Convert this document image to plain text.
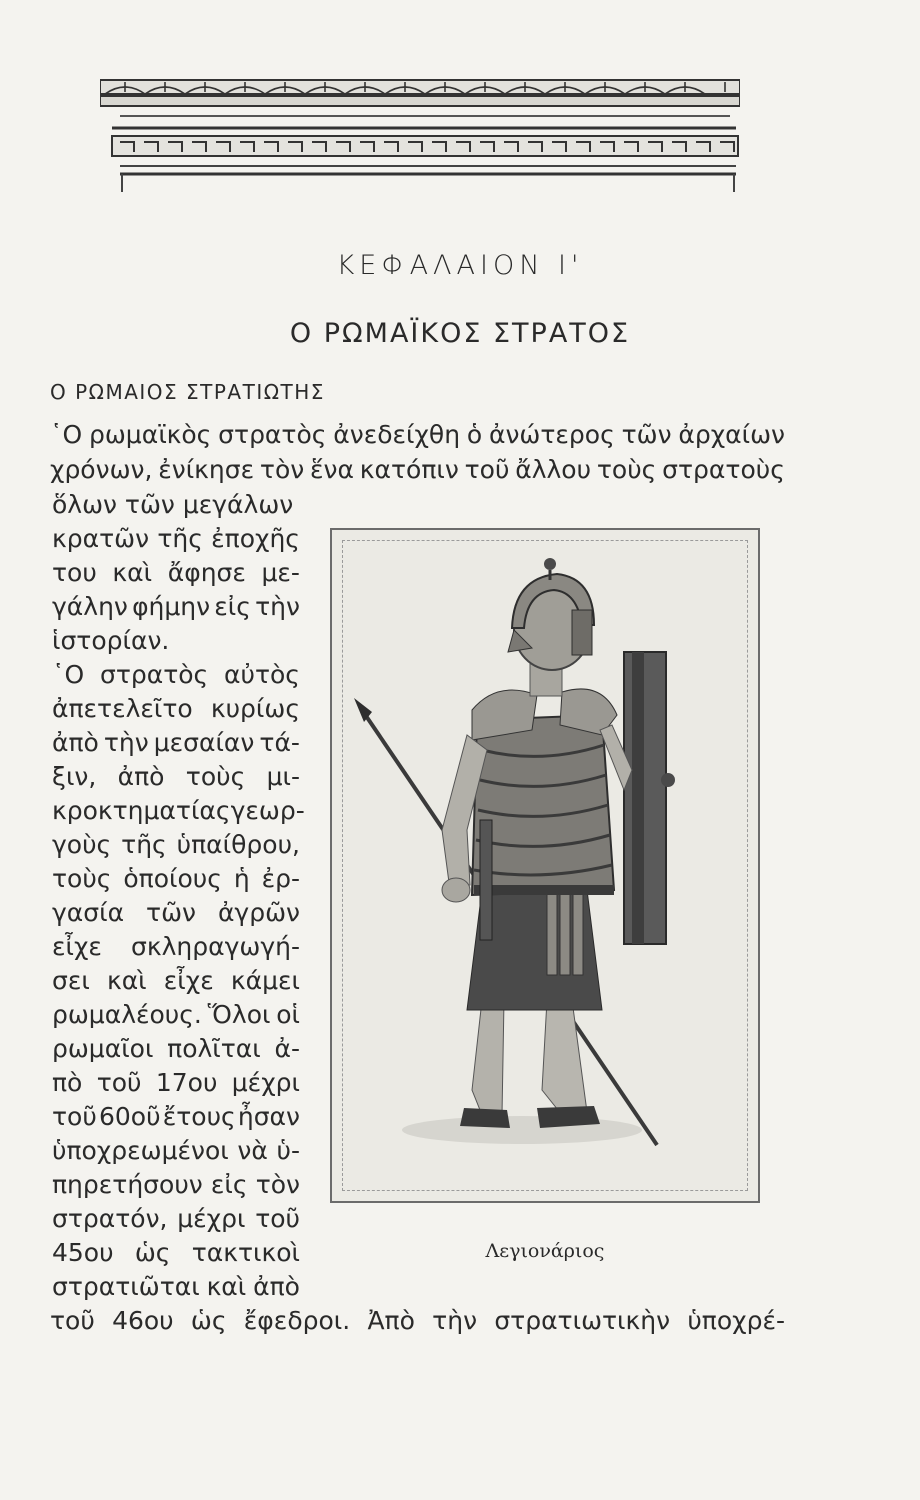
ΚΕΦΑΛΑΙΟΝ Ι'
Ο ΡΩΜΑΪΚΟΣ ΣΤΡΑΤΟΣ
Ο ΡΩΜΑΙΟΣ ΣΤΡΑΤΙΩΤΗΣ
῾Ο ρωμαϊκὸς στρατὸς ἀνεδείχθη ὁ ἀνώτερος τῶν ἀρχαίων
χρόνων, ἐνίκησε τὸν ἕνα κατόπιν τοῦ ἄλλου τοὺς στρατοὺς
ὅλων τῶν μεγάλων
κρατῶν τῆς ἐποχῆς
του καὶ ἄφησε με-
γάλην φήμην εἰς τὴν
ἱστορίαν.
῾Ο στρατὸς αὐτὸς
ἀπετελεῖτο κυρίως
ἀπὸ τὴν μεσαίαν τά-
ξιν, ἀπὸ τοὺς μι-
κροκτηματίας γεωρ-
γοὺς τῆς ὑπαίθρου,
τοὺς ὁποίους ἡ ἐρ-
γασία τῶν ἀγρῶν
εἶχε σκληραγωγή-
σει καὶ εἶχε κάμει
ρωμαλέους. Ὅλοι οἱ
ρωμαῖοι πολῖται ἀ-
πὸ τοῦ 17ου μέχρι
τοῦ 60οῦ ἔτους ἦσαν
ὑποχρεωμένοι νὰ ὑ-
πηρετήσουν εἰς τὸν
στρατόν, μέχρι τοῦ
45ου ὡς τακτικοὶ
στρατιῶται καὶ ἀπὸ
τοῦ 46ου ὡς ἔφεδροι. Ἀπὸ τὴν στρατιωτικὴν ὑποχρέ-
Λεγιονάριος
